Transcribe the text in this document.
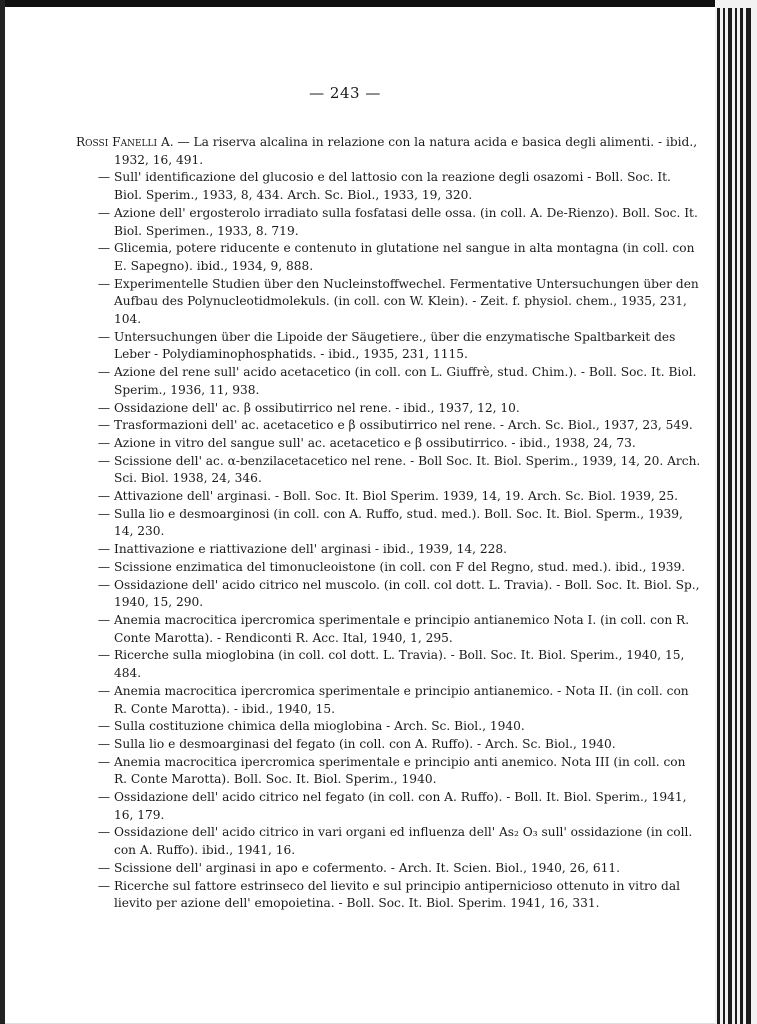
— 243 —
Rossi Fanelli A. — La riserva alcalina in relazione con la natura acida e basica degli alimenti. - ibid., 1932, 16, 491.
— Sull' identificazione del glucosio e del lattosio con la reazione degli osazomi - Boll. Soc. It. Biol. Sperim., 1933, 8, 434. Arch. Sc. Biol., 1933, 19, 320.
— Azione dell' ergosterolo irradiato sulla fosfatasi delle ossa. (in coll. A. De-Rienzo). Boll. Soc. It. Biol. Sperimen., 1933, 8. 719.
— Glicemia, potere riducente e contenuto in glutatione nel sangue in alta montagna (in coll. con E. Sapegno). ibid., 1934, 9, 888.
— Experimentelle Studien über den Nucleinstoffwechel. Fermentative Untersuchungen über den Aufbau des Polynucleotidmolekuls. (in coll. con W. Klein). - Zeit. f. physiol. chem., 1935, 231, 104.
— Untersuchungen über die Lipoide der Säugetiere., über die enzymatische Spaltbarkeit des Leber - Polydiaminophosphatids. - ibid., 1935, 231, 1115.
— Azione del rene sull' acido acetacetico (in coll. con L. Giuffrè, stud. Chim.). - Boll. Soc. It. Biol. Sperim., 1936, 11, 938.
— Ossidazione dell' ac. β ossibutirrico nel rene. - ibid., 1937, 12, 10.
— Trasformazioni dell' ac. acetacetico e β ossibutirrico nel rene. - Arch. Sc. Biol., 1937, 23, 549.
— Azione in vitro del sangue sull' ac. acetacetico e β ossibutirrico. - ibid., 1938, 24, 73.
— Scissione dell' ac. α-benzilacetacetico nel rene. - Boll Soc. It. Biol. Sperim., 1939, 14, 20. Arch. Sci. Biol. 1938, 24, 346.
— Attivazione dell' arginasi. - Boll. Soc. It. Biol Sperim. 1939, 14, 19. Arch. Sc. Biol. 1939, 25.
— Sulla lio e desmoarginosi (in coll. con A. Ruffo, stud. med.). Boll. Soc. It. Biol. Sperm., 1939, 14, 230.
— Inattivazione e riattivazione dell' arginasi - ibid., 1939, 14, 228.
— Scissione enzimatica del timonucleoistone (in coll. con F del Regno, stud. med.). ibid., 1939.
— Ossidazione dell' acido citrico nel muscolo. (in coll. col dott. L. Travia). - Boll. Soc. It. Biol. Sp., 1940, 15, 290.
— Anemia macrocitica ipercromica sperimentale e principio antianemico Nota I. (in coll. con R. Conte Marotta). - Rendiconti R. Acc. Ital, 1940, 1, 295.
— Ricerche sulla mioglobina (in coll. col dott. L. Travia). - Boll. Soc. It. Biol. Sperim., 1940, 15, 484.
— Anemia macrocitica ipercromica sperimentale e principio antianemico. - Nota II. (in coll. con R. Conte Marotta). - ibid., 1940, 15.
— Sulla costituzione chimica della mioglobina - Arch. Sc. Biol., 1940.
— Sulla lio e desmoarginasi del fegato (in coll. con A. Ruffo). - Arch. Sc. Biol., 1940.
— Anemia macrocitica ipercromica sperimentale e principio anti anemico. Nota III (in coll. con R. Conte Marotta). Boll. Soc. It. Biol. Sperim., 1940.
— Ossidazione dell' acido citrico nel fegato (in coll. con A. Ruffo). - Boll. It. Biol. Sperim., 1941, 16, 179.
— Ossidazione dell' acido citrico in vari organi ed influenza dell' As₂ O₃ sull' ossidazione (in coll. con A. Ruffo). ibid., 1941, 16.
— Scissione dell' arginasi in apo e cofermento. - Arch. It. Scien. Biol., 1940, 26, 611.
— Ricerche sul fattore estrinseco del lievito e sul principio antipernicioso ottenuto in vitro dal lievito per azione dell' emopoietina. - Boll. Soc. It. Biol. Sperim. 1941, 16, 331.
